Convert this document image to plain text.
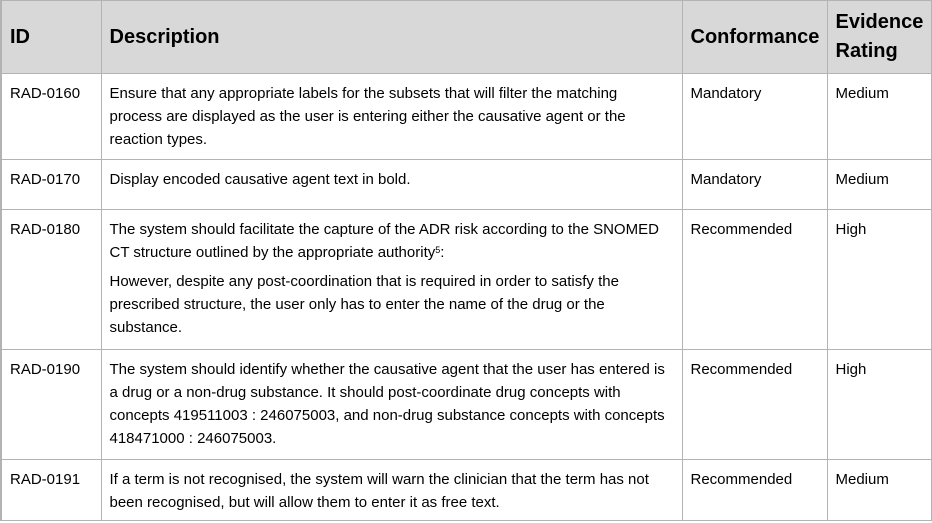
ID	Description	Conformance	Evidence
Rating

RAD-0160	Ensure that any appropriate labels for the subsets that will filter the matching process are displayed as the user is entering either the causative agent or the reaction types.	Mandatory	Medium

RAD-0170	Display encoded causative agent text in bold.	Mandatory	Medium

RAD-0180	The system should facilitate the capture of the ADR risk according to the SNOMED CT structure outlined by the appropriate authority$^5$:

However, despite any post-coordination that is required in order to satisfy the prescribed structure, the user only has to enter the name of the drug or the substance.	Recommended	High

RAD-0190	The system should identify whether the causative agent that the user has entered is a drug or a non-drug substance. It should post-coordinate drug concepts with concepts 419511003 : 246075003, and non-drug substance concepts with concepts 418471000 : 246075003.	Recommended	High

RAD-0191	If a term is not recognised, the system will warn the clinician that the term has not been recognised, but will allow them to enter it as free text.	Recommended	Medium
